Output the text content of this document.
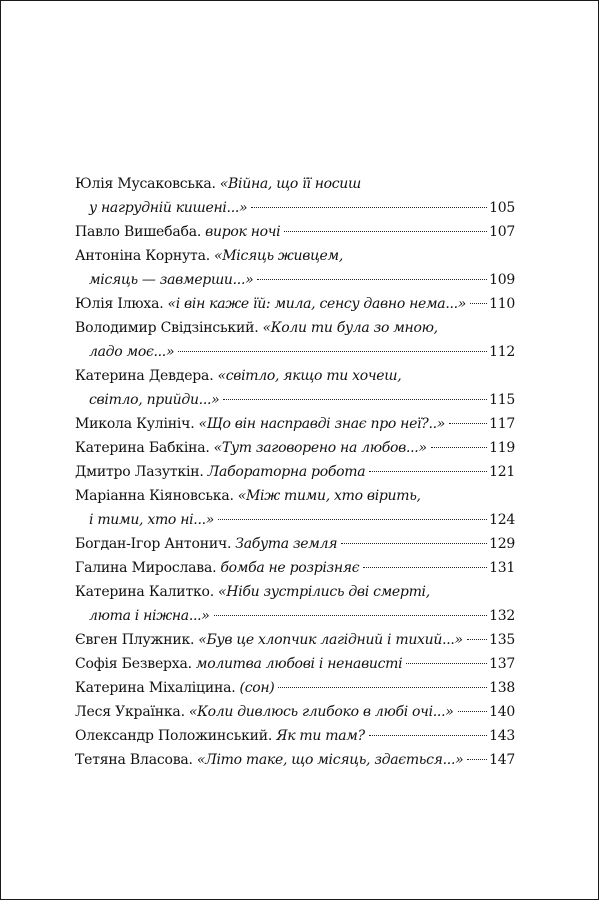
Юлія Мусаковська. «Війна, що її носиш
у нагрудній кишені...»	105
Павло Вишебаба. вирок ночі	107
Антоніна Корнута. «Місяць живцем,
місяць — завмерши...»	109
Юлія Ілюха. «і він каже їй: мила, сенсу давно нема...» 110
Володимир Свідзінський. «Коли ти була зо мною,
ладо моє...»	112
Катерина Девдера. «світло, якщо ти хочеш,
світло, прийди...»	115
Микола Кулініч. «Що він насправді знає про неї?..»	117
Катерина Бабкіна. «Тут заговорено на любов...»	119
Дмитро Лазуткін. Лабораторна робота	121
Маріанна Кіяновська. «Між тими, хто вірить,
і тими, хто ні...»	124
Богдан-Ігор Антонич. Забута земля	129
Галина Мирослава. бомба не розрізняє	131
Катерина Калитко. «Ніби зустрілись дві смерті,
люта і ніжна...»	132
Євген Плужник. «Був це хлопчик лагідний і тихий...» 135
Софія Безверха. молитва любові і ненависті	137
Катерина Міхаліцина. (сон)	138
Леся Українка. «Коли дивлюсь глибоко в любі очі...»	140
Олександр Положинський. Як ти там?	143
Тетяна Власова. «Літо таке, що місяць, здається...» 147
